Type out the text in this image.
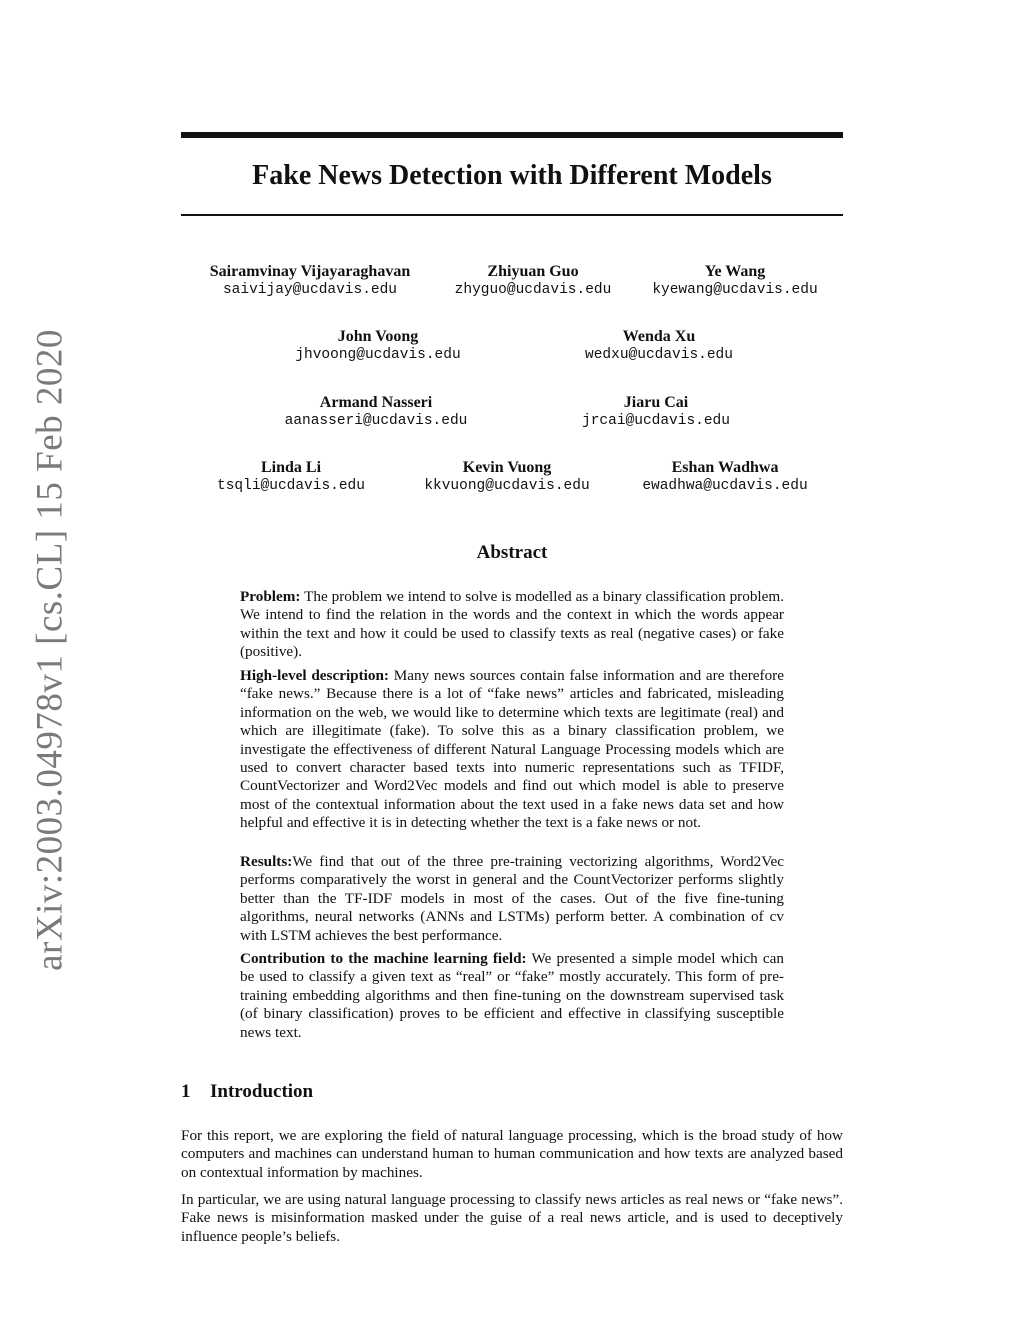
arXiv:2003.04978v1 [cs.CL] 15 Feb 2020
Fake News Detection with Different Models
Sairamvinay Vijayaraghavan
saivijay@ucdavis.edu
Zhiyuan Guo
zhyguo@ucdavis.edu
Ye Wang
kyewang@ucdavis.edu
John Voong
jhvoong@ucdavis.edu
Wenda Xu
wedxu@ucdavis.edu
Armand Nasseri
aanasseri@ucdavis.edu
Jiaru Cai
jrcai@ucdavis.edu
Linda Li
tsqli@ucdavis.edu
Kevin Vuong
kkvuong@ucdavis.edu
Eshan Wadhwa
ewadhwa@ucdavis.edu
Abstract

Problem: The problem we intend to solve is modelled as a binary classification problem. We intend to find the relation in the words and the context in which the words appear within the text and how it could be used to classify texts as real (negative cases) or fake (positive).

High-level description: Many news sources contain false information and are therefore “fake news.” Because there is a lot of “fake news” articles and fabricated, misleading information on the web, we would like to determine which texts are legitimate (real) and which are illegitimate (fake). To solve this as a binary classification problem, we investigate the effectiveness of different Natural Language Processing models which are used to convert character based texts into numeric representations such as TFIDF, CountVectorizer and Word2Vec models and find out which model is able to preserve most of the contextual information about the text used in a fake news data set and how helpful and effective it is in detecting whether the text is a fake news or not.

Results:We find that out of the three pre-training vectorizing algorithms, Word2Vec performs comparatively the worst in general and the CountVectorizer performs slightly better than the TF-IDF models in most of the cases. Out of the five fine-tuning algorithms, neural networks (ANNs and LSTMs) perform better. A combination of cv with LSTM achieves the best performance.

Contribution to the machine learning field: We presented a simple model which can be used to classify a given text as “real” or “fake” mostly accurately. This form of pre-training embedding algorithms and then fine-tuning on the downstream supervised task (of binary classification) proves to be efficient and effective in classifying susceptible news text.

1 Introduction

For this report, we are exploring the field of natural language processing, which is the broad study of how computers and machines can understand human to human communication and how texts are analyzed based on contextual information by machines.

In particular, we are using natural language processing to classify news articles as real news or “fake news”. Fake news is misinformation masked under the guise of a real news article, and is used to deceptively influence people’s beliefs.
